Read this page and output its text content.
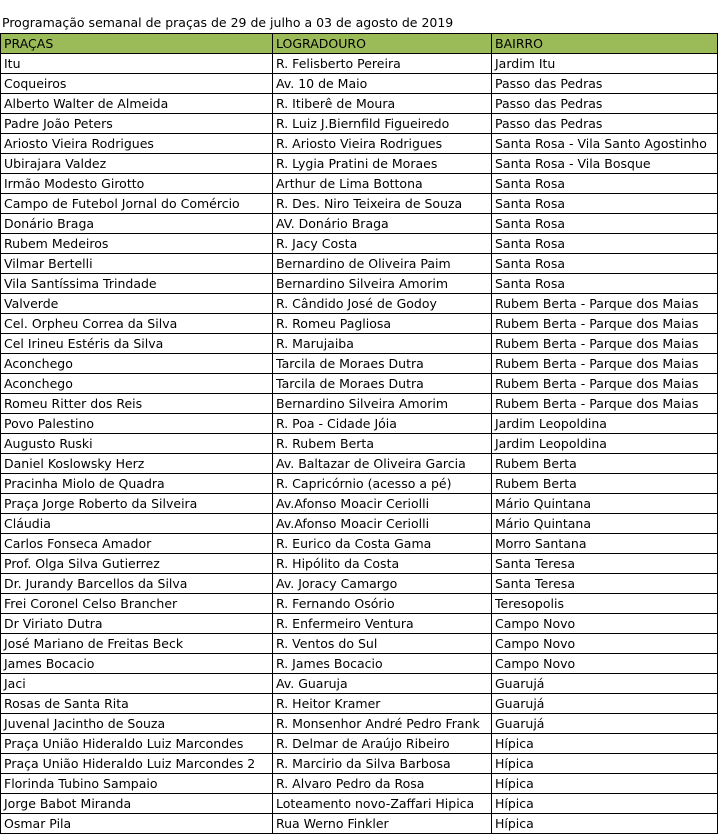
Programação semanal de praças de 29 de julho a 03 de agosto de 2019
PRAÇAS	LOGRADOURO	BAIRRO
Itu	R. Felisberto Pereira	Jardim Itu
Coqueiros	Av. 10 de Maio	Passo das Pedras
Alberto Walter de Almeida	R. Itiberê de Moura	Passo das Pedras
Padre João Peters	R. Luiz J.Biernfild Figueiredo	Passo das Pedras
Ariosto Vieira Rodrigues	R. Ariosto Vieira Rodrigues	Santa Rosa - Vila Santo Agostinho
Ubirajara Valdez	R. Lygia Pratini de Moraes	Santa Rosa - Vila Bosque
Irmão Modesto Girotto	Arthur de Lima Bottona	Santa Rosa
Campo de Futebol Jornal do Comércio	R. Des. Niro Teixeira de Souza	Santa Rosa
Donário Braga	AV. Donário Braga	Santa Rosa
Rubem Medeiros	R. Jacy Costa	Santa Rosa
Vilmar Bertelli	Bernardino de Oliveira Paim	Santa Rosa
Vila Santíssima Trindade	Bernardino Silveira Amorim	Santa Rosa
Valverde	R. Cândido José de Godoy	Rubem Berta - Parque dos Maias
Cel. Orpheu Correa da Silva	R. Romeu Pagliosa	Rubem Berta - Parque dos Maias
Cel Irineu Estéris da Silva	R. Marujaiba	Rubem Berta - Parque dos Maias
Aconchego	Tarcila de Moraes Dutra	Rubem Berta - Parque dos Maias
Aconchego	Tarcila de Moraes Dutra	Rubem Berta - Parque dos Maias
Romeu Ritter dos Reis	Bernardino Silveira Amorim	Rubem Berta - Parque dos Maias
Povo Palestino	R. Poa - Cidade Jóia	Jardim Leopoldina
Augusto Ruski	R. Rubem Berta	Jardim Leopoldina
Daniel Koslowsky Herz	Av. Baltazar de Oliveira Garcia	Rubem Berta
Pracinha Miolo de Quadra	R. Capricórnio (acesso a pé)	Rubem Berta
Praça Jorge Roberto da Silveira	Av.Afonso Moacir Ceriolli	Mário Quintana
Cláudia	Av.Afonso Moacir Ceriolli	Mário Quintana
Carlos Fonseca Amador	R. Eurico da Costa Gama	Morro Santana
Prof. Olga Silva Gutierrez	R. Hipólito da Costa	Santa Teresa
Dr. Jurandy Barcellos da Silva	Av. Joracy Camargo	Santa Teresa
Frei Coronel Celso Brancher	R. Fernando Osório	Teresopolis
Dr Viriato Dutra	R. Enfermeiro Ventura	Campo Novo
José Mariano de Freitas Beck	R. Ventos do Sul	Campo Novo
James Bocacio	R. James Bocacio	Campo Novo
Jaci	Av. Guaruja	Guarujá
Rosas de Santa Rita	R. Heitor Kramer	Guarujá
Juvenal Jacintho de Souza	R. Monsenhor André Pedro Frank	Guarujá
Praça União Hideraldo Luiz Marcondes	R. Delmar de Araújo Ribeiro	Hípica
Praça União Hideraldo Luiz Marcondes 2	R. Marcirio da Silva Barbosa	Hípica
Florinda Tubino Sampaio	R. Alvaro Pedro da Rosa	Hípica
Jorge Babot Miranda	Loteamento novo-Zaffari Hipica	Hípica
Osmar Pila	Rua Werno Finkler	Hípica
